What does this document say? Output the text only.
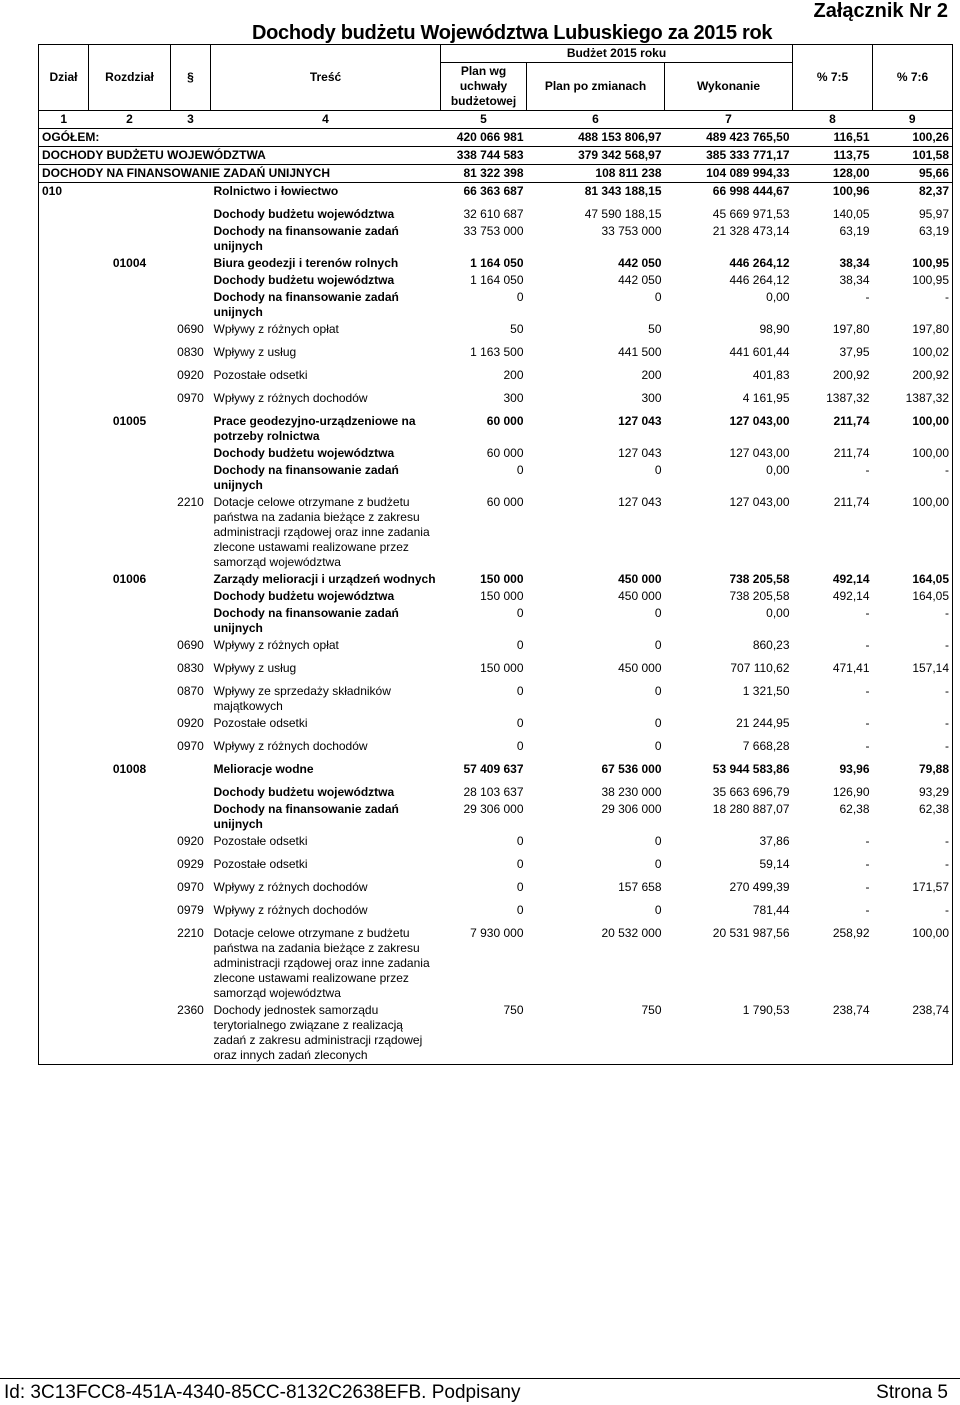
Załącznik Nr 2
Dochody budżetu Województwa Lubuskiego za 2015 rok
Dział	Rozdział	§	Treść	Budżet 2015 roku			% 7:5	% 7:6
				Plan wg uchwały budżetowej	Plan po zmianach	Wykonanie		
1	2	3	4	5	6	7	8	9
OGÓŁEM:				420 066 981	488 153 806,97	489 423 765,50	116,51	100,26
DOCHODY BUDŻETU WOJEWÓDZTWA				338 744 583	379 342 568,97	385 333 771,17	113,75	101,58
DOCHODY NA FINANSOWANIE ZADAŃ UNIJNYCH				81 322 398	108 811 238	104 089 994,33	128,00	95,66
010			Rolnictwo i łowiectwo	66 363 687	81 343 188,15	66 998 444,67	100,96	82,37

			Dochody budżetu województwa	32 610 687	47 590 188,15	45 669 971,53	140,05	95,97
			Dochody na finansowanie zadań unijnych	33 753 000	33 753 000	21 328 473,14	63,19	63,19
	01004		Biura geodezji i terenów rolnych	1 164 050	442 050	446 264,12	38,34	100,95
			Dochody budżetu województwa	1 164 050	442 050	446 264,12	38,34	100,95
			Dochody na finansowanie zadań unijnych	0	0	0,00	-	-
		0690	Wpływy z różnych opłat	50	50	98,90	197,80	197,80

		0830	Wpływy z usług	1 163 500	441 500	441 601,44	37,95	100,02

		0920	Pozostałe odsetki	200	200	401,83	200,92	200,92

		0970	Wpływy z różnych dochodów	300	300	4 161,95	1387,32	1387,32

	01005		Prace geodezyjno-urządzeniowe na potrzeby rolnictwa	60 000	127 043	127 043,00	211,74	100,00
			Dochody budżetu województwa	60 000	127 043	127 043,00	211,74	100,00
			Dochody na finansowanie zadań unijnych	0	0	0,00	-	-
		2210	Dotacje celowe otrzymane z budżetu państwa na zadania bieżące z zakresu administracji rządowej oraz inne zadania zlecone ustawami realizowane przez samorząd województwa	60 000	127 043	127 043,00	211,74	100,00
	01006		Zarządy melioracji i urządzeń wodnych	150 000	450 000	738 205,58	492,14	164,05
			Dochody budżetu województwa	150 000	450 000	738 205,58	492,14	164,05
			Dochody na finansowanie zadań unijnych	0	0	0,00	-	-
		0690	Wpływy z różnych opłat	0	0	860,23	-	-

		0830	Wpływy z usług	150 000	450 000	707 110,62	471,41	157,14

		0870	Wpływy ze sprzedaży składników majątkowych	0	0	1 321,50	-	-
		0920	Pozostałe odsetki	0	0	21 244,95	-	-

		0970	Wpływy z różnych dochodów	0	0	7 668,28	-	-

	01008		Melioracje wodne	57 409 637	67 536 000	53 944 583,86	93,96	79,88

			Dochody budżetu województwa	28 103 637	38 230 000	35 663 696,79	126,90	93,29
			Dochody na finansowanie zadań unijnych	29 306 000	29 306 000	18 280 887,07	62,38	62,38
		0920	Pozostałe odsetki	0	0	37,86	-	-

		0929	Pozostałe odsetki	0	0	59,14	-	-

		0970	Wpływy z różnych dochodów	0	157 658	270 499,39	-	171,57

		0979	Wpływy z różnych dochodów	0	0	781,44	-	-

		2210	Dotacje celowe otrzymane z budżetu państwa na zadania bieżące z zakresu administracji rządowej oraz inne zadania zlecone ustawami realizowane przez samorząd województwa	7 930 000	20 532 000	20 531 987,56	258,92	100,00
		2360	Dochody jednostek samorządu terytorialnego związane z realizacją zadań z zakresu administracji rządowej oraz innych zadań zleconych	750	750	1 790,53	238,74	238,74
Id: 3C13FCC8-451A-4340-85CC-8132C2638EFB. Podpisany	Strona 5
